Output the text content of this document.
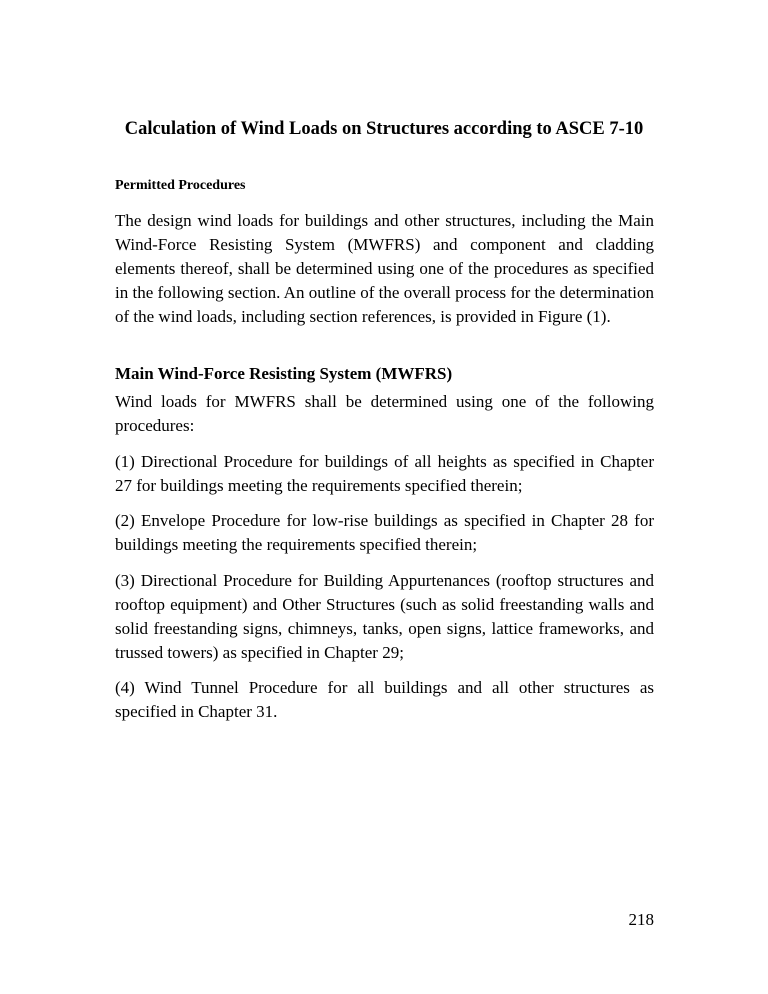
Calculation of Wind Loads on Structures according to ASCE 7-10
Permitted Procedures

The design wind loads for buildings and other structures, including the Main Wind-Force Resisting System (MWFRS) and component and cladding elements thereof, shall be determined using one of the procedures as specified in the following section. An outline of the overall process for the determination of the wind loads, including section references, is provided in Figure (1).

Main Wind-Force Resisting System (MWFRS)

Wind loads for MWFRS shall be determined using one of the following procedures:

(1) Directional Procedure for buildings of all heights as specified in Chapter 27 for buildings meeting the requirements specified therein;

(2) Envelope Procedure for low-rise buildings as specified in Chapter 28 for buildings meeting the requirements specified therein;

(3) Directional Procedure for Building Appurtenances (rooftop structures and rooftop equipment) and Other Structures (such as solid freestanding walls and solid freestanding signs, chimneys, tanks, open signs, lattice frameworks, and trussed towers) as specified in Chapter 29;

(4) Wind Tunnel Procedure for all buildings and all other structures as specified in Chapter 31.

218
